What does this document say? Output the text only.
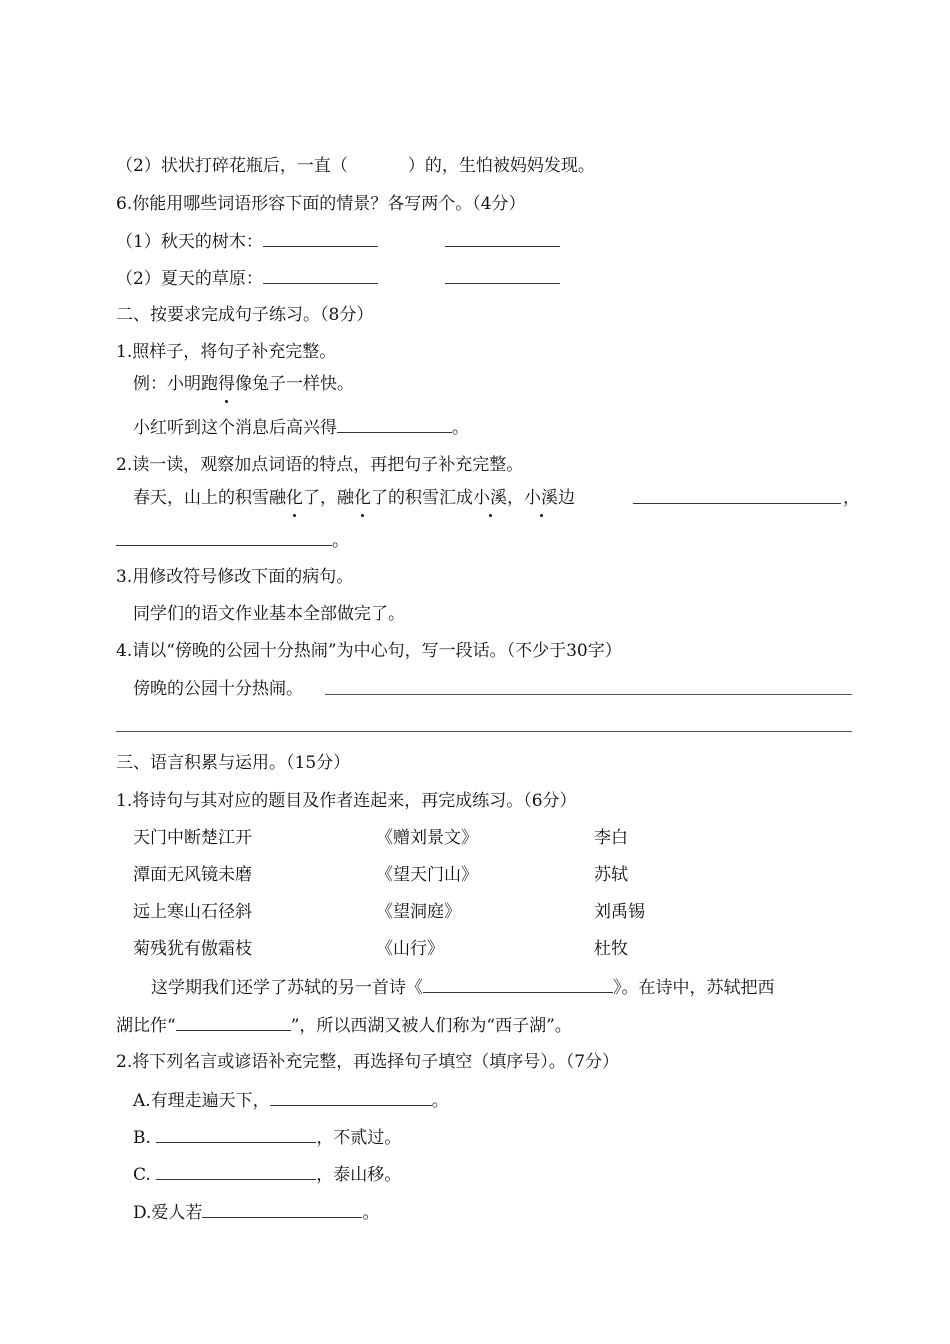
（2）状状打碎花瓶后，一直（	）的，生怕被妈妈发现。
6.你能用哪些词语形容下面的情景？各写两个。（4分）
（1）秋天的树木：
（2）夏天的草原：
二、按要求完成句子练习。（8分）
1.照样子，将句子补充完整。
例：小明跑得像兔子一样快。
小红听到这个消息后高兴得	。
2.读一读，观察加点词语的特点，再把句子补充完整。
春天，山上的积雪融化了，融化了的积雪汇成小溪，小溪边	，
。
3.用修改符号修改下面的病句。
同学们的语文作业基本全部做完了。
4.请以“傍晚的公园十分热闹”为中心句，写一段话。（不少于30字）
傍晚的公园十分热闹。
三、语言积累与运用。（15分）
1.将诗句与其对应的题目及作者连起来，再完成练习。（6分）
天门中断楚江开	《赠刘景文》	李白
潭面无风镜未磨	《望天门山》	苏轼
远上寒山石径斜	《望洞庭》	刘禹锡
菊残犹有傲霜枝	《山行》	杜牧
这学期我们还学了苏轼的另一首诗《	》。在诗中，苏轼把西
湖比作“	”，所以西湖又被人们称为“西子湖”。
2.将下列名言或谚语补充完整，再选择句子填空（填序号）。（7分）
A.有理走遍天下，	。
B.	，不贰过。
C.	，泰山移。
D.爱人若	。
